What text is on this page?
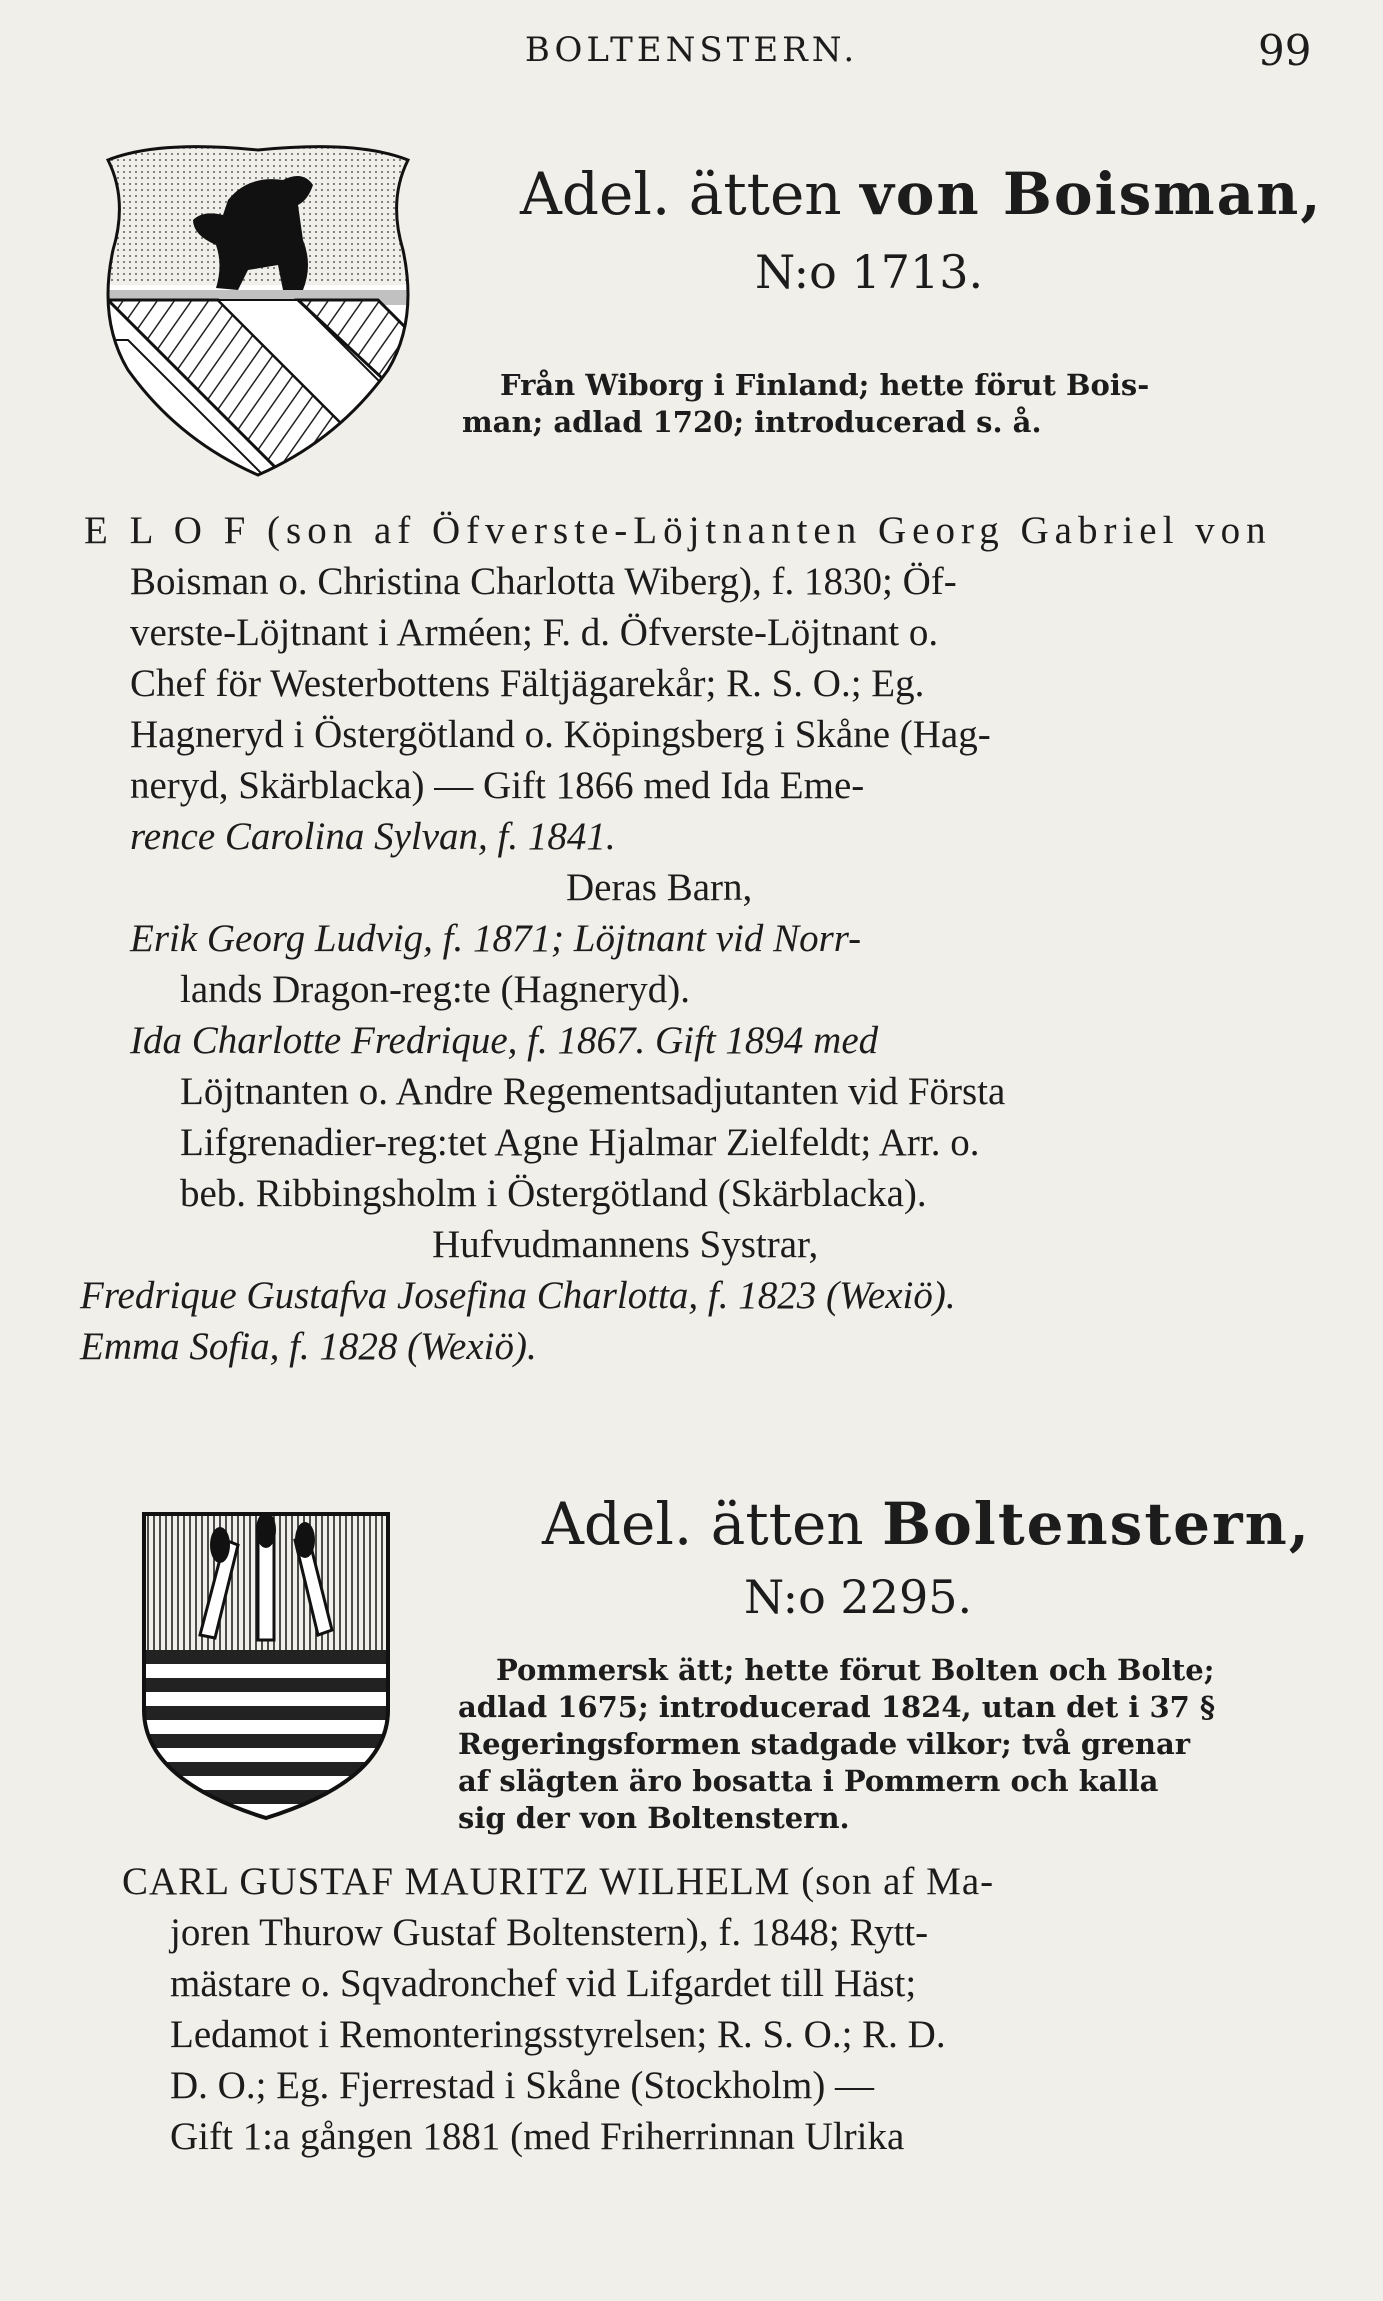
BOLTENSTERN.	99
Adel. ätten von Boisman,
N:o 1713.
Från Wiborg i Finland; hette förut Bois-
man; adlad 1720; introducerad s. å.
E L O F (son af Öfverste-Löjtnanten Georg Gabriel von
Boisman o. Christina Charlotta Wiberg), f. 1830; Öf-
verste-Löjtnant i Arméen; F. d. Öfverste-Löjtnant o.
Chef för Westerbottens Fältjägarekår; R. S. O.; Eg.
Hagneryd i Östergötland o. Köpingsberg i Skåne (Hag-
neryd, Skärblacka) — Gift 1866 med Ida Eme-
rence Carolina Sylvan, f. 1841.
Deras Barn,
Erik Georg Ludvig, f. 1871; Löjtnant vid Norr-
lands Dragon-reg:te (Hagneryd).
Ida Charlotte Fredrique, f. 1867. Gift 1894 med
Löjtnanten o. Andre Regementsadjutanten vid Första
Lifgrenadier-reg:tet Agne Hjalmar Zielfeldt; Arr. o.
beb. Ribbingsholm i Östergötland (Skärblacka).
Hufvudmannens Systrar,
Fredrique Gustafva Josefina Charlotta, f. 1823 (Wexiö).
Emma Sofia, f. 1828 (Wexiö).
Adel. ätten Boltenstern,
N:o 2295.
Pommersk ätt; hette förut Bolten och Bolte;
adlad 1675; introducerad 1824, utan det i 37 §
Regeringsformen stadgade vilkor; två grenar
af slägten äro bosatta i Pommern och kalla
sig der von Boltenstern.
CARL GUSTAF MAURITZ WILHELM (son af Ma-
joren Thurow Gustaf Boltenstern), f. 1848; Rytt-
mästare o. Sqvadronchef vid Lifgardet till Häst;
Ledamot i Remonteringsstyrelsen; R. S. O.; R. D.
D. O.; Eg. Fjerrestad i Skåne (Stockholm) —
Gift 1:a gången 1881 (med Friherrinnan Ulrika
